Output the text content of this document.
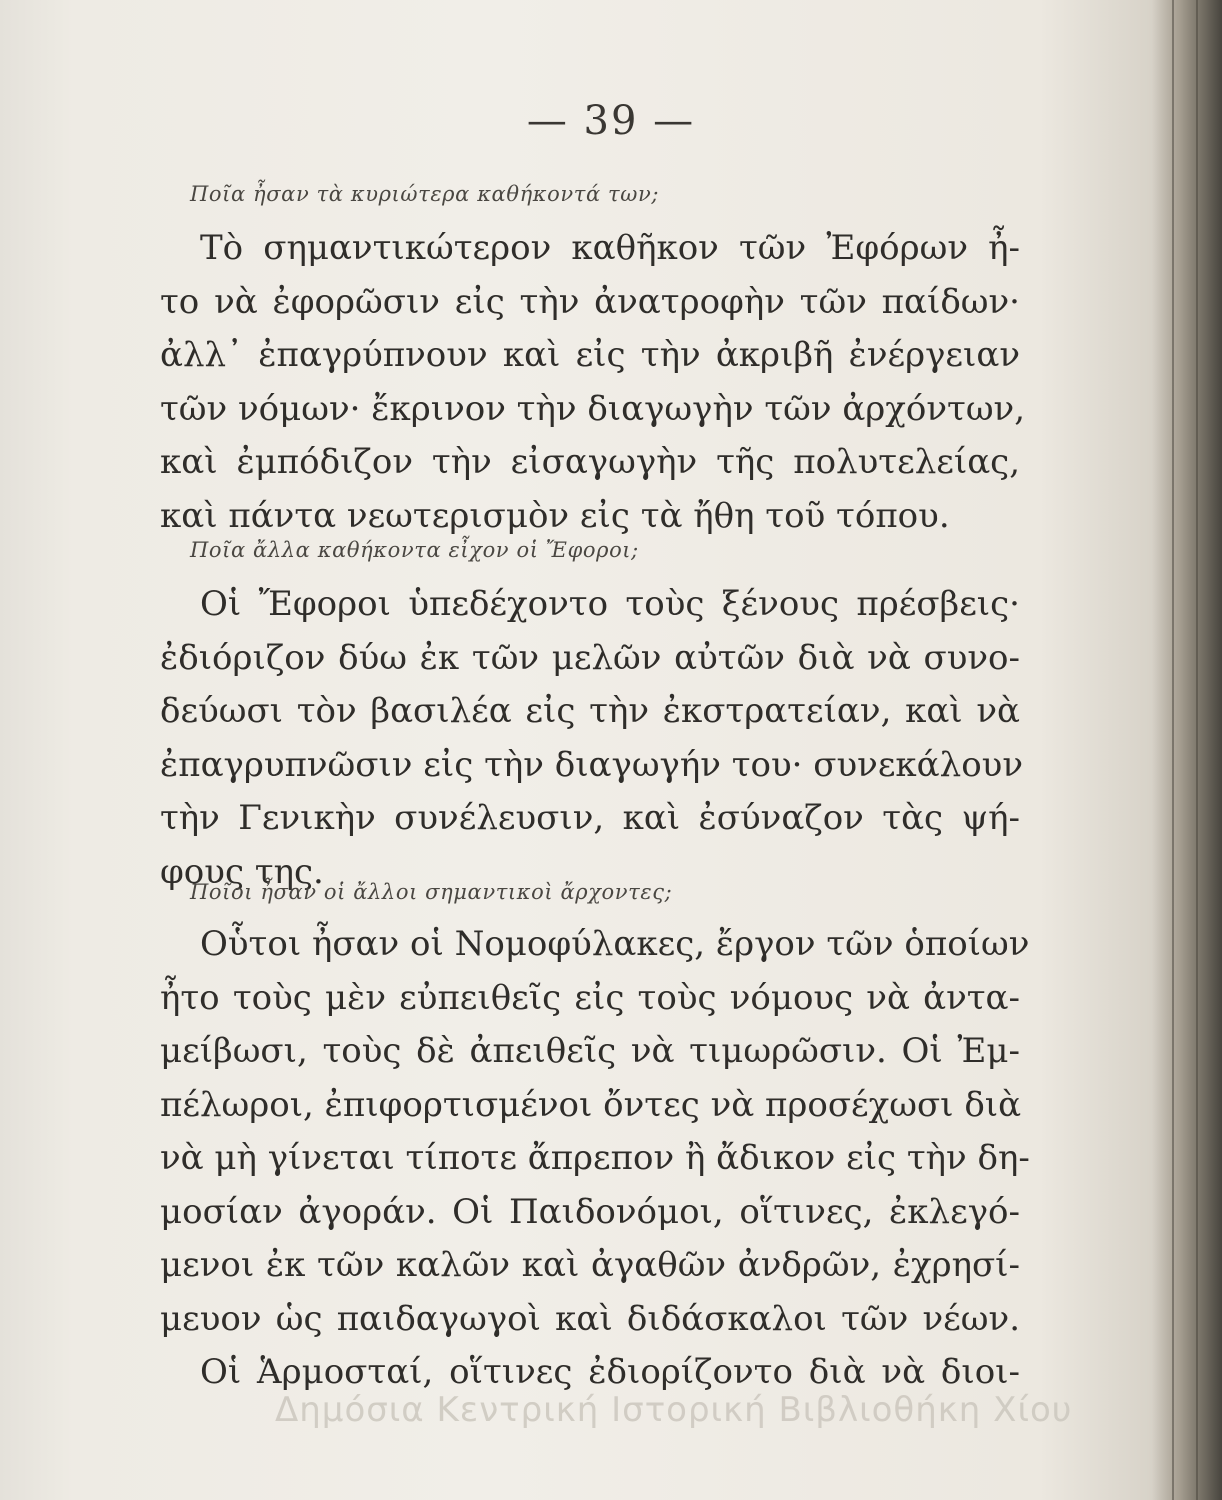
— 39 —
Ποῖα ἦσαν τὰ κυριώτερα καθήκοντά των;
Τὸ σημαντικώτερον καθῆκον τῶν Ἐφόρων ἦ-
το νὰ ἐφορῶσιν εἰς τὴν ἀνατροφὴν τῶν παίδων·
ἀλλ᾽ ἐπαγρύπνουν καὶ εἰς τὴν ἀκριβῆ ἐνέργειαν
τῶν νόμων· ἔκρινον τὴν διαγωγὴν τῶν ἀρχόντων,
καὶ ἐμπόδιζον τὴν εἰσαγωγὴν τῆς πολυτελείας,
καὶ πάντα νεωτερισμὸν εἰς τὰ ἤθη τοῦ τόπου.
Ποῖα ἄλλα καθήκοντα εἶχον οἱ Ἔφοροι;
Οἱ Ἔφοροι ὑπεδέχοντο τοὺς ξένους πρέσβεις·
ἐδιόριζον δύω ἐκ τῶν μελῶν αὐτῶν διὰ νὰ συνο-
δεύωσι τὸν βασιλέα εἰς τὴν ἐκστρατείαν, καὶ νὰ
ἐπαγρυπνῶσιν εἰς τὴν διαγωγήν του· συνεκάλουν
τὴν Γενικὴν συνέλευσιν, καὶ ἐσύναζον τὰς ψή-
φους της.
Ποῖοι ἦσαν οἱ ἄλλοι σημαντικοὶ ἄρχοντες;
Οὗτοι ἦσαν οἱ Νομοφύλακες, ἔργον τῶν ὁποίων
ἦτο τοὺς μὲν εὐπειθεῖς εἰς τοὺς νόμους νὰ ἀντα-
μείβωσι, τοὺς δὲ ἀπειθεῖς νὰ τιμωρῶσιν. Οἱ Ἐμ-
πέλωροι, ἐπιφορτισμένοι ὄντες νὰ προσέχωσι διὰ
νὰ μὴ γίνεται τίποτε ἄπρεπον ἢ ἄδικον εἰς τὴν δη-
μοσίαν ἀγοράν. Οἱ Παιδονόμοι, οἵτινες, ἐκλεγό-
μενοι ἐκ τῶν καλῶν καὶ ἀγαθῶν ἀνδρῶν, ἐχρησί-
μευον ὡς παιδαγωγοὶ καὶ διδάσκαλοι τῶν νέων.
Οἱ Ἁρμοσταί, οἵτινες ἐδιορίζοντο διὰ νὰ διοι-
Δημόσια Κεντρική Ιστορική Βιβλιοθήκη Χίου
